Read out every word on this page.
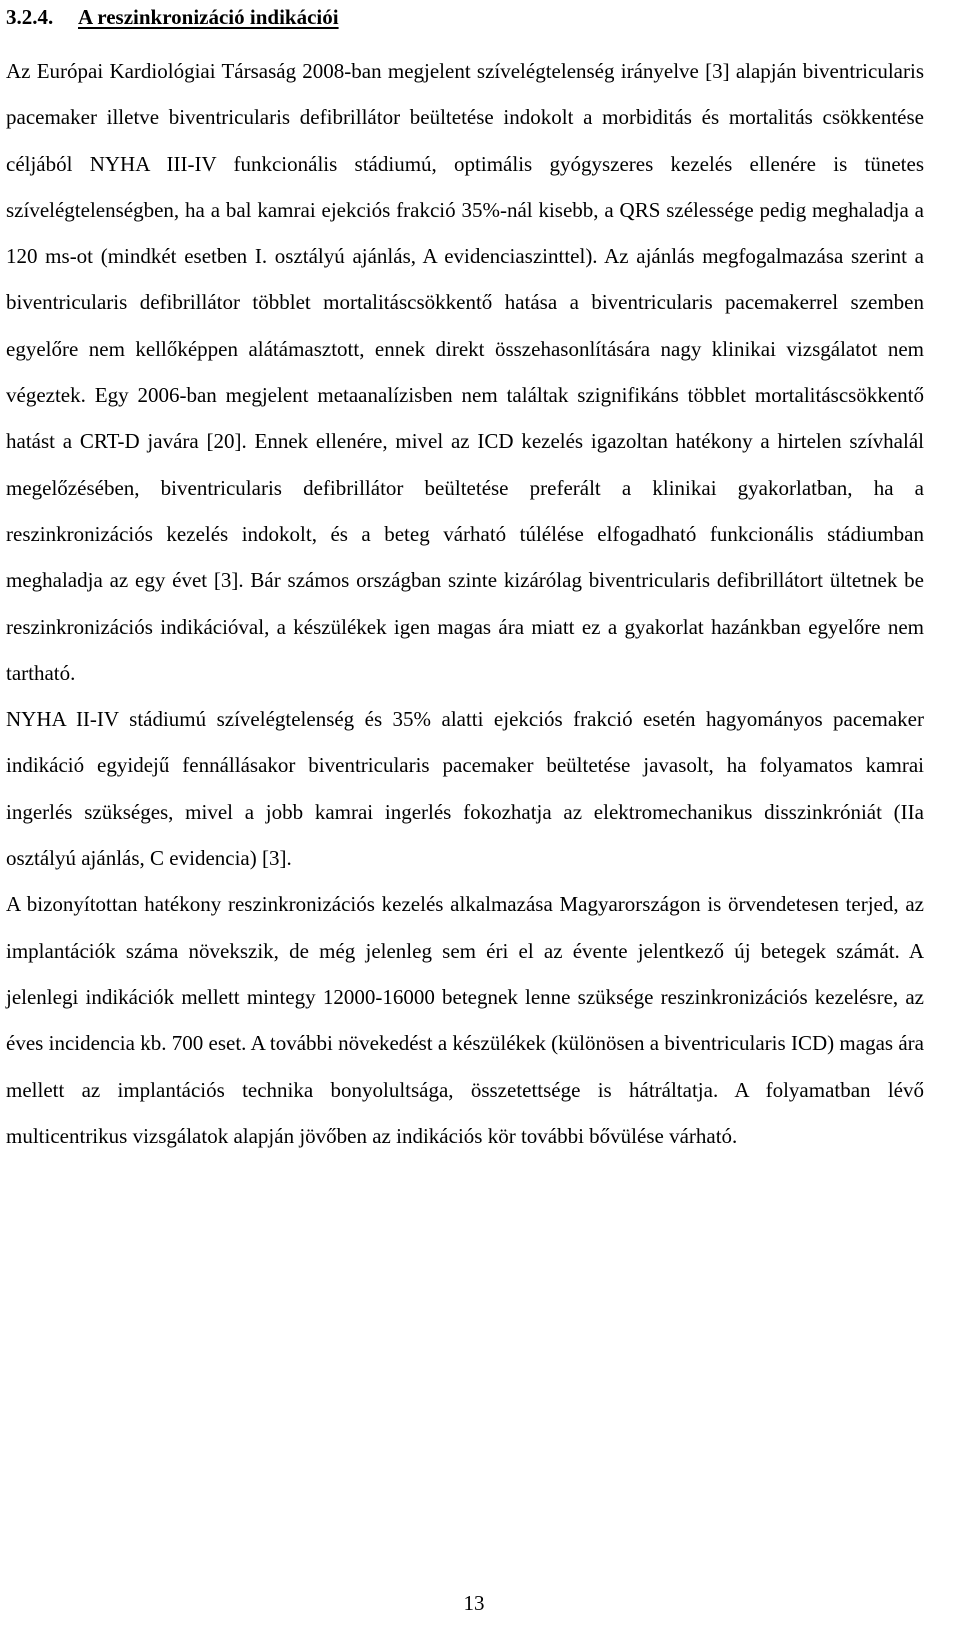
3.2.4. A reszinkronizáció indikációi

Az Európai Kardiológiai Társaság 2008-ban megjelent szívelégtelenség irányelve [3] alapján biventricularis pacemaker illetve biventricularis defibrillátor beültetése indokolt a morbiditás és mortalitás csökkentése céljából NYHA III-IV funkcionális stádiumú, optimális gyógyszeres kezelés ellenére is tünetes szívelégtelenségben, ha a bal kamrai ejekciós frakció 35%-nál kisebb, a QRS szélessége pedig meghaladja a 120 ms-ot (mindkét esetben I. osztályú ajánlás, A evidenciaszinttel). Az ajánlás megfogalmazása szerint a biventricularis defibrillátor többlet mortalitáscsökkentő hatása a biventricularis pacemakerrel szemben egyelőre nem kellőképpen alátámasztott, ennek direkt összehasonlítására nagy klinikai vizsgálatot nem végeztek. Egy 2006-ban megjelent metaanalízisben nem találtak szignifikáns többlet mortalitáscsökkentő hatást a CRT-D javára [20]. Ennek ellenére, mivel az ICD kezelés igazoltan hatékony a hirtelen szívhalál megelőzésében, biventricularis defibrillátor beültetése preferált a klinikai gyakorlatban, ha a reszinkronizációs kezelés indokolt, és a beteg várható túlélése elfogadható funkcionális stádiumban meghaladja az egy évet [3]. Bár számos országban szinte kizárólag biventricularis defibrillátort ültetnek be reszinkronizációs indikációval, a készülékek igen magas ára miatt ez a gyakorlat hazánkban egyelőre nem tartható.

NYHA II-IV stádiumú szívelégtelenség és 35% alatti ejekciós frakció esetén hagyományos pacemaker indikáció egyidejű fennállásakor biventricularis pacemaker beültetése javasolt, ha folyamatos kamrai ingerlés szükséges, mivel a jobb kamrai ingerlés fokozhatja az elektromechanikus disszinkróniát (IIa osztályú ajánlás, C evidencia) [3].

A bizonyítottan hatékony reszinkronizációs kezelés alkalmazása Magyarországon is örvendetesen terjed, az implantációk száma növekszik, de még jelenleg sem éri el az évente jelentkező új betegek számát. A jelenlegi indikációk mellett mintegy 12000-16000 betegnek lenne szüksége reszinkronizációs kezelésre, az éves incidencia kb. 700 eset. A további növekedést a készülékek (különösen a biventricularis ICD) magas ára mellett az implantációs technika bonyolultsága, összetettsége is hátráltatja. A folyamatban lévő multicentrikus vizsgálatok alapján jövőben az indikációs kör további bővülése várható.

13
